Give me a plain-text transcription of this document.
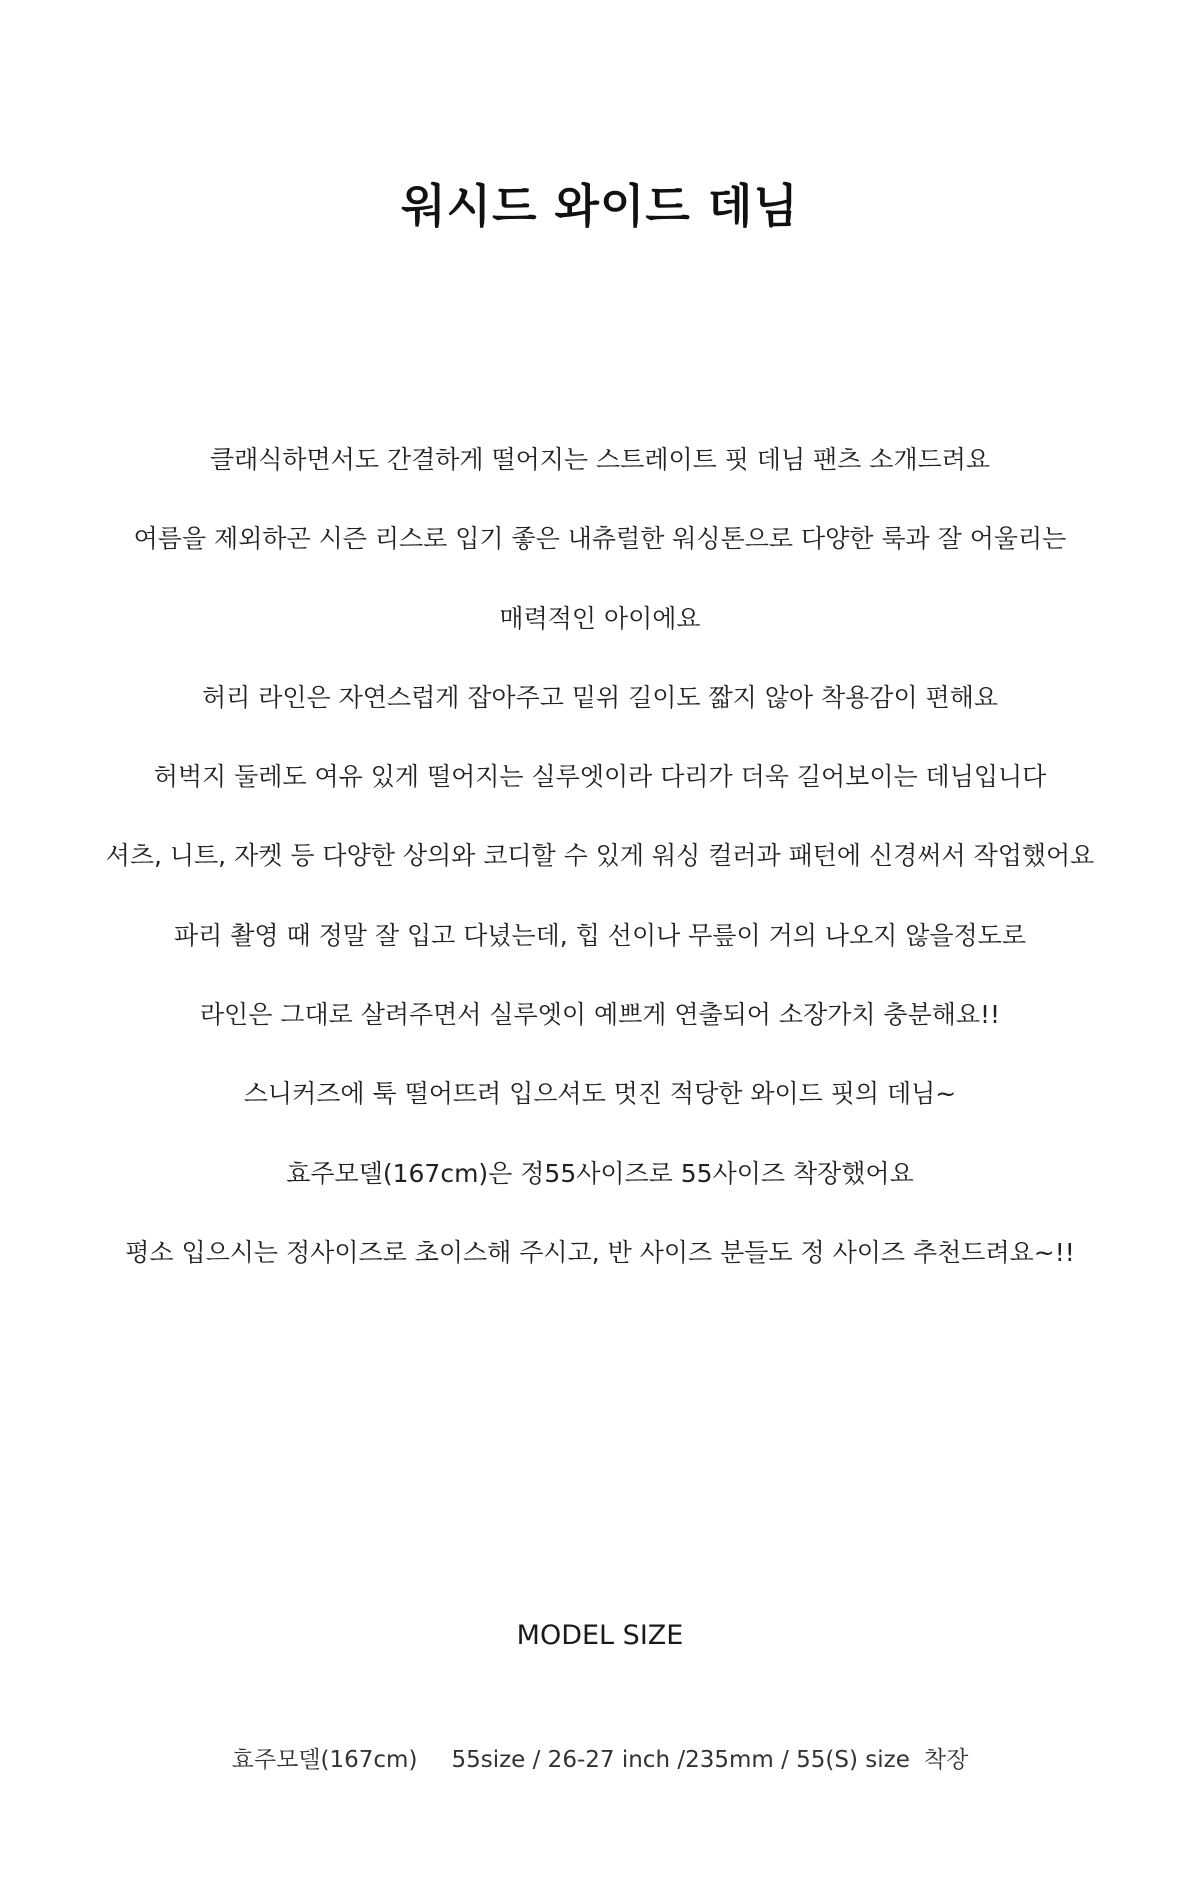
워시드 와이드 데님
클래식하면서도 간결하게 떨어지는 스트레이트 핏 데님 팬츠 소개드려요
여름을 제외하곤 시즌 리스로 입기 좋은 내츄럴한 워싱톤으로 다양한 룩과 잘 어울리는
매력적인 아이에요
허리 라인은 자연스럽게 잡아주고 밑위 길이도 짧지 않아 착용감이 편해요
허벅지 둘레도 여유 있게 떨어지는 실루엣이라 다리가 더욱 길어보이는 데님입니다
셔츠, 니트, 자켓 등 다양한 상의와 코디할 수 있게 워싱 컬러과 패턴에 신경써서 작업했어요
파리 촬영 때 정말 잘 입고 다녔는데, 힙 선이나 무릎이 거의 나오지 않을정도로
라인은 그대로 살려주면서 실루엣이 예쁘게 연출되어 소장가치 충분해요!!
스니커즈에 툭 떨어뜨려 입으셔도 멋진 적당한 와이드 핏의 데님~
효주모델(167cm)은 정55사이즈로 55사이즈 착장했어요
평소 입으시는 정사이즈로 초이스해 주시고, 반 사이즈 분들도 정 사이즈 추천드려요~!!
MODEL SIZE
효주모델(167cm) 55size / 26-27 inch /235mm / 55(S) size 착장
